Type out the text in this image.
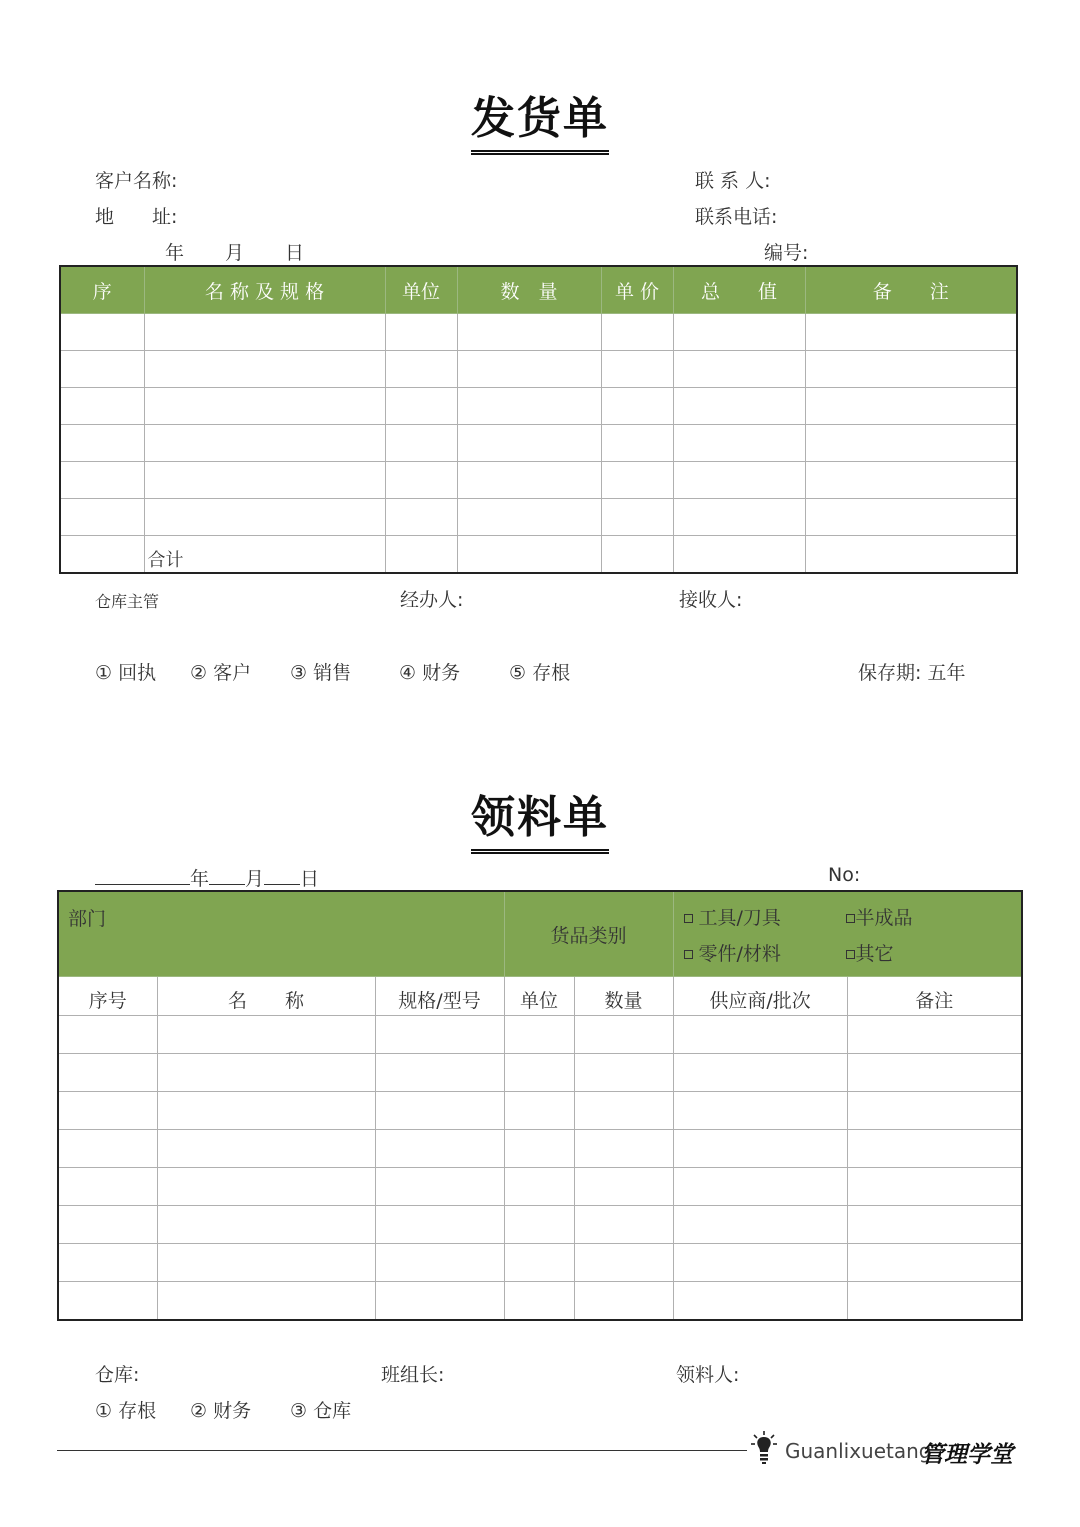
发货单
客户名称:	联 系 人:
地　　址:	联系电话:
年 月 日	编号:
序	名 称 及 规 格	单位	数　量	单 价	总　　值	备　　注

	合计					
仓库主管	经办人:	接收人:
① 回执 ② 客户 ③ 销售	④ 财务	⑤ 存根	保存期: 五年
领料单
年 月 日	No:
部门			货品类别		工具/刀具 半成品
零件/材料 其它	

序号	名　　称	规格/型号	单位	数量	供应商/批次	备注

仓库:	班组长:	领料人:
① 存根 ② 财务 ③ 仓库
Guanlixuetang
管理学堂
